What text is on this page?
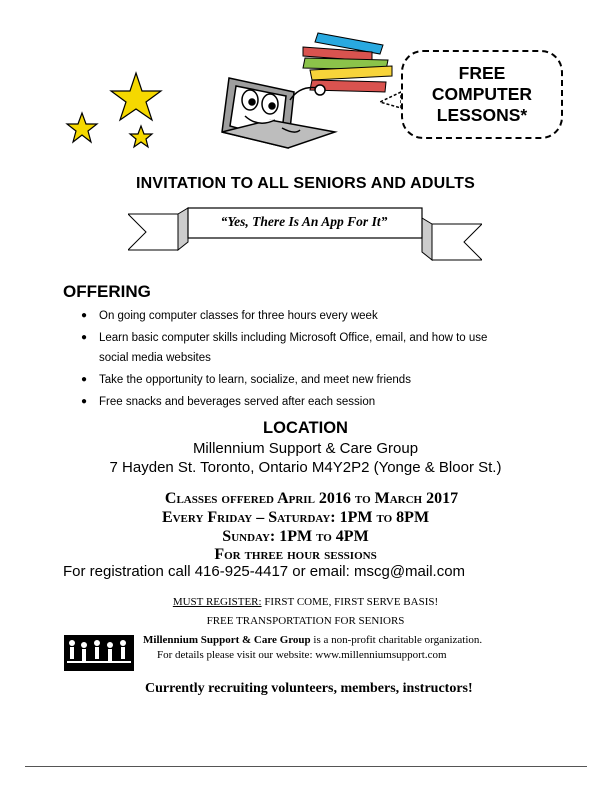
FREE
COMPUTER
LESSONS*
INVITATION TO ALL SENIORS AND ADULTS
“Yes, There Is An App For It”
OFFERING
● On going computer classes for three hours every week
● Learn basic computer skills including Microsoft Office, email, and how to use
social media websites
● Take the opportunity to learn, socialize, and meet new friends
● Free snacks and beverages served after each session
LOCATION
Millennium Support & Care Group
7 Hayden St. Toronto, Ontario M4Y2P2 (Yonge & Bloor St.)
Classes offered April 2016 to March 2017
Every Friday – Saturday: 1PM to 8PM
Sunday: 1PM to 4PM
For three hour sessions
For registration call 416-925-4417 or email: mscg@mail.com
MUST REGISTER: FIRST COME, FIRST SERVE BASIS!
FREE TRANSPORTATION FOR SENIORS
Millennium Support & Care Group is a non-profit charitable organization.
For details please visit our website: www.millenniumsupport.com
Currently recruiting volunteers, members, instructors!
